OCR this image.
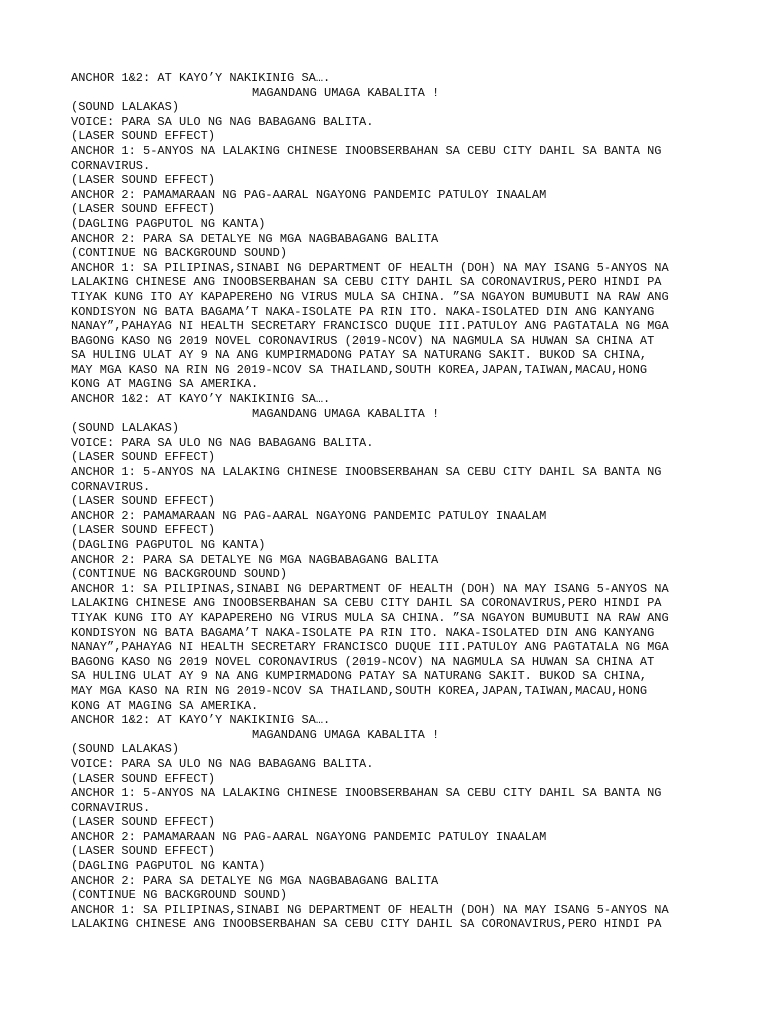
ANCHOR 1&2: AT KAYO’Y NAKIKINIG SA….
MAGANDANG UMAGA KABALITA !
(SOUND LALAKAS)
VOICE: PARA SA ULO NG NAG BABAGANG BALITA.
(LASER SOUND EFFECT)
ANCHOR 1: 5-ANYOS NA LALAKING CHINESE INOOBSERBAHAN SA CEBU CITY DAHIL SA BANTA NG
CORNAVIRUS.
(LASER SOUND EFFECT)
ANCHOR 2: PAMAMARAAN NG PAG-AARAL NGAYONG PANDEMIC PATULOY INAALAM
(LASER SOUND EFFECT)
(DAGLING PAGPUTOL NG KANTA)
ANCHOR 2: PARA SA DETALYE NG MGA NAGBABAGANG BALITA
(CONTINUE NG BACKGROUND SOUND)
ANCHOR 1: SA PILIPINAS,SINABI NG DEPARTMENT OF HEALTH (DOH) NA MAY ISANG 5-ANYOS NA
LALAKING CHINESE ANG INOOBSERBAHAN SA CEBU CITY DAHIL SA CORONAVIRUS,PERO HINDI PA
TIYAK KUNG ITO AY KAPAPEREHO NG VIRUS MULA SA CHINA. ”SA NGAYON BUMUBUTI NA RAW ANG
KONDISYON NG BATA BAGAMA’T NAKA-ISOLATE PA RIN ITO. NAKA-ISOLATED DIN ANG KANYANG
NANAY”,PAHAYAG NI HEALTH SECRETARY FRANCISCO DUQUE III.PATULOY ANG PAGTATALA NG MGA
BAGONG KASO NG 2019 NOVEL CORONAVIRUS (2019-NCOV) NA NAGMULA SA HUWAN SA CHINA AT
SA HULING ULAT AY 9 NA ANG KUMPIRMADONG PATAY SA NATURANG SAKIT. BUKOD SA CHINA,
MAY MGA KASO NA RIN NG 2019-NCOV SA THAILAND,SOUTH KOREA,JAPAN,TAIWAN,MACAU,HONG
KONG AT MAGING SA AMERIKA.
ANCHOR 1&2: AT KAYO’Y NAKIKINIG SA….
MAGANDANG UMAGA KABALITA !
(SOUND LALAKAS)
VOICE: PARA SA ULO NG NAG BABAGANG BALITA.
(LASER SOUND EFFECT)
ANCHOR 1: 5-ANYOS NA LALAKING CHINESE INOOBSERBAHAN SA CEBU CITY DAHIL SA BANTA NG
CORNAVIRUS.
(LASER SOUND EFFECT)
ANCHOR 2: PAMAMARAAN NG PAG-AARAL NGAYONG PANDEMIC PATULOY INAALAM
(LASER SOUND EFFECT)
(DAGLING PAGPUTOL NG KANTA)
ANCHOR 2: PARA SA DETALYE NG MGA NAGBABAGANG BALITA
(CONTINUE NG BACKGROUND SOUND)
ANCHOR 1: SA PILIPINAS,SINABI NG DEPARTMENT OF HEALTH (DOH) NA MAY ISANG 5-ANYOS NA
LALAKING CHINESE ANG INOOBSERBAHAN SA CEBU CITY DAHIL SA CORONAVIRUS,PERO HINDI PA
TIYAK KUNG ITO AY KAPAPEREHO NG VIRUS MULA SA CHINA. ”SA NGAYON BUMUBUTI NA RAW ANG
KONDISYON NG BATA BAGAMA’T NAKA-ISOLATE PA RIN ITO. NAKA-ISOLATED DIN ANG KANYANG
NANAY”,PAHAYAG NI HEALTH SECRETARY FRANCISCO DUQUE III.PATULOY ANG PAGTATALA NG MGA
BAGONG KASO NG 2019 NOVEL CORONAVIRUS (2019-NCOV) NA NAGMULA SA HUWAN SA CHINA AT
SA HULING ULAT AY 9 NA ANG KUMPIRMADONG PATAY SA NATURANG SAKIT. BUKOD SA CHINA,
MAY MGA KASO NA RIN NG 2019-NCOV SA THAILAND,SOUTH KOREA,JAPAN,TAIWAN,MACAU,HONG
KONG AT MAGING SA AMERIKA.
ANCHOR 1&2: AT KAYO’Y NAKIKINIG SA….
MAGANDANG UMAGA KABALITA !
(SOUND LALAKAS)
VOICE: PARA SA ULO NG NAG BABAGANG BALITA.
(LASER SOUND EFFECT)
ANCHOR 1: 5-ANYOS NA LALAKING CHINESE INOOBSERBAHAN SA CEBU CITY DAHIL SA BANTA NG
CORNAVIRUS.
(LASER SOUND EFFECT)
ANCHOR 2: PAMAMARAAN NG PAG-AARAL NGAYONG PANDEMIC PATULOY INAALAM
(LASER SOUND EFFECT)
(DAGLING PAGPUTOL NG KANTA)
ANCHOR 2: PARA SA DETALYE NG MGA NAGBABAGANG BALITA
(CONTINUE NG BACKGROUND SOUND)
ANCHOR 1: SA PILIPINAS,SINABI NG DEPARTMENT OF HEALTH (DOH) NA MAY ISANG 5-ANYOS NA
LALAKING CHINESE ANG INOOBSERBAHAN SA CEBU CITY DAHIL SA CORONAVIRUS,PERO HINDI PA
